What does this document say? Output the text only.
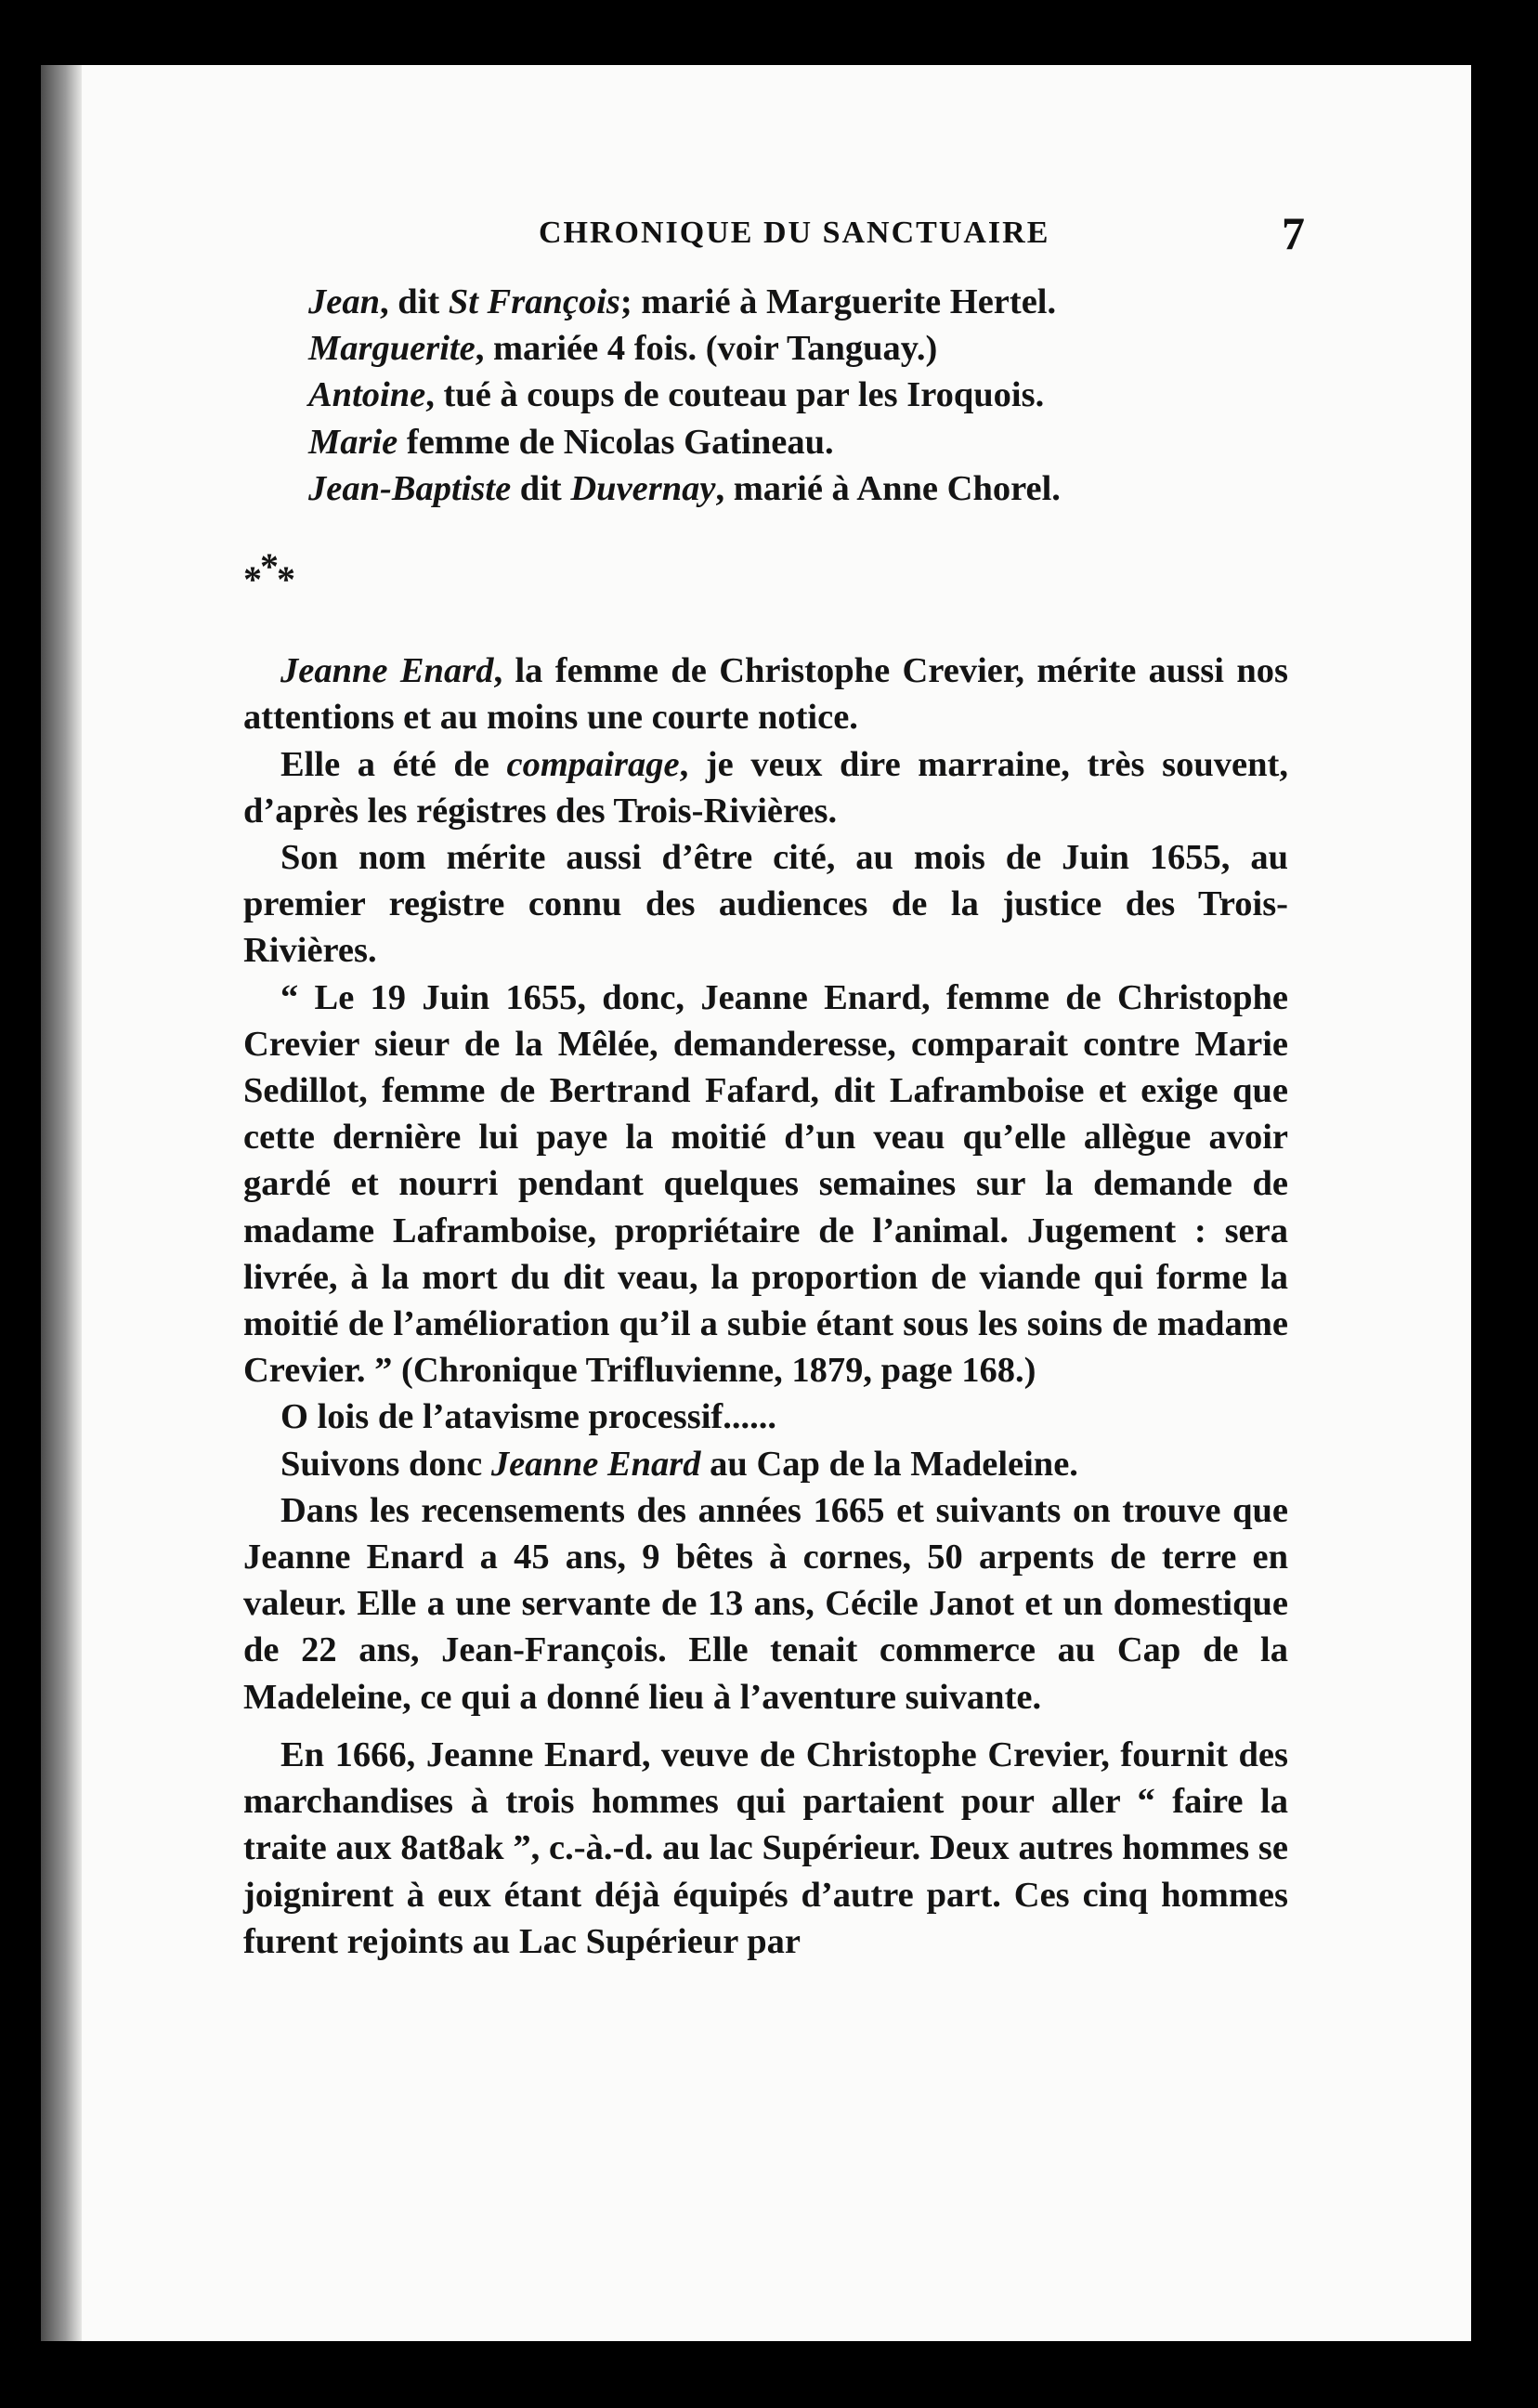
CHRONIQUE DU SANCTUAIRE	7

Jean, dit St François; marié à Marguerite Hertel.

Marguerite, mariée 4 fois. (voir Tanguay.)

Antoine, tué à coups de couteau par les Iroquois.

Marie femme de Nicolas Gatineau.

Jean-Baptiste dit Duvernay, marié à Anne Chorel.

***

Jeanne Enard, la femme de Christophe Crevier, mérite aussi nos attentions et au moins une courte notice.

Elle a été de compairage, je veux dire marraine, très souvent, d’après les régistres des Trois-Rivières.

Son nom mérite aussi d’être cité, au mois de Juin 1655, au premier registre connu des audiences de la justice des Trois-Rivières.

“ Le 19 Juin 1655, donc, Jeanne Enard, femme de Christophe Crevier sieur de la Mêlée, demanderesse, comparait contre Marie Sedillot, femme de Bertrand Fafard, dit Laframboise et exige que cette dernière lui paye la moitié d’un veau qu’elle allègue avoir gardé et nourri pendant quelques semaines sur la demande de madame Laframboise, propriétaire de l’animal. Jugement : sera livrée, à la mort du dit veau, la proportion de viande qui forme la moitié de l’amélioration qu’il a subie étant sous les soins de madame Crevier. ” (Chronique Trifluvienne, 1879, page 168.)

O lois de l’atavisme processif......

Suivons donc Jeanne Enard au Cap de la Madeleine.

Dans les recensements des années 1665 et suivants on trouve que Jeanne Enard a 45 ans, 9 bêtes à cornes, 50 arpents de terre en valeur. Elle a une servante de 13 ans, Cécile Janot et un domestique de 22 ans, Jean-François. Elle tenait commerce au Cap de la Madeleine, ce qui a donné lieu à l’aventure suivante.

En 1666, Jeanne Enard, veuve de Christophe Crevier, fournit des marchandises à trois hommes qui partaient pour aller “ faire la traite aux 8at8ak ”, c.-à.-d. au lac Supérieur. Deux autres hommes se joignirent à eux étant déjà équipés d’autre part. Ces cinq hommes furent rejoints au Lac Supérieur par
